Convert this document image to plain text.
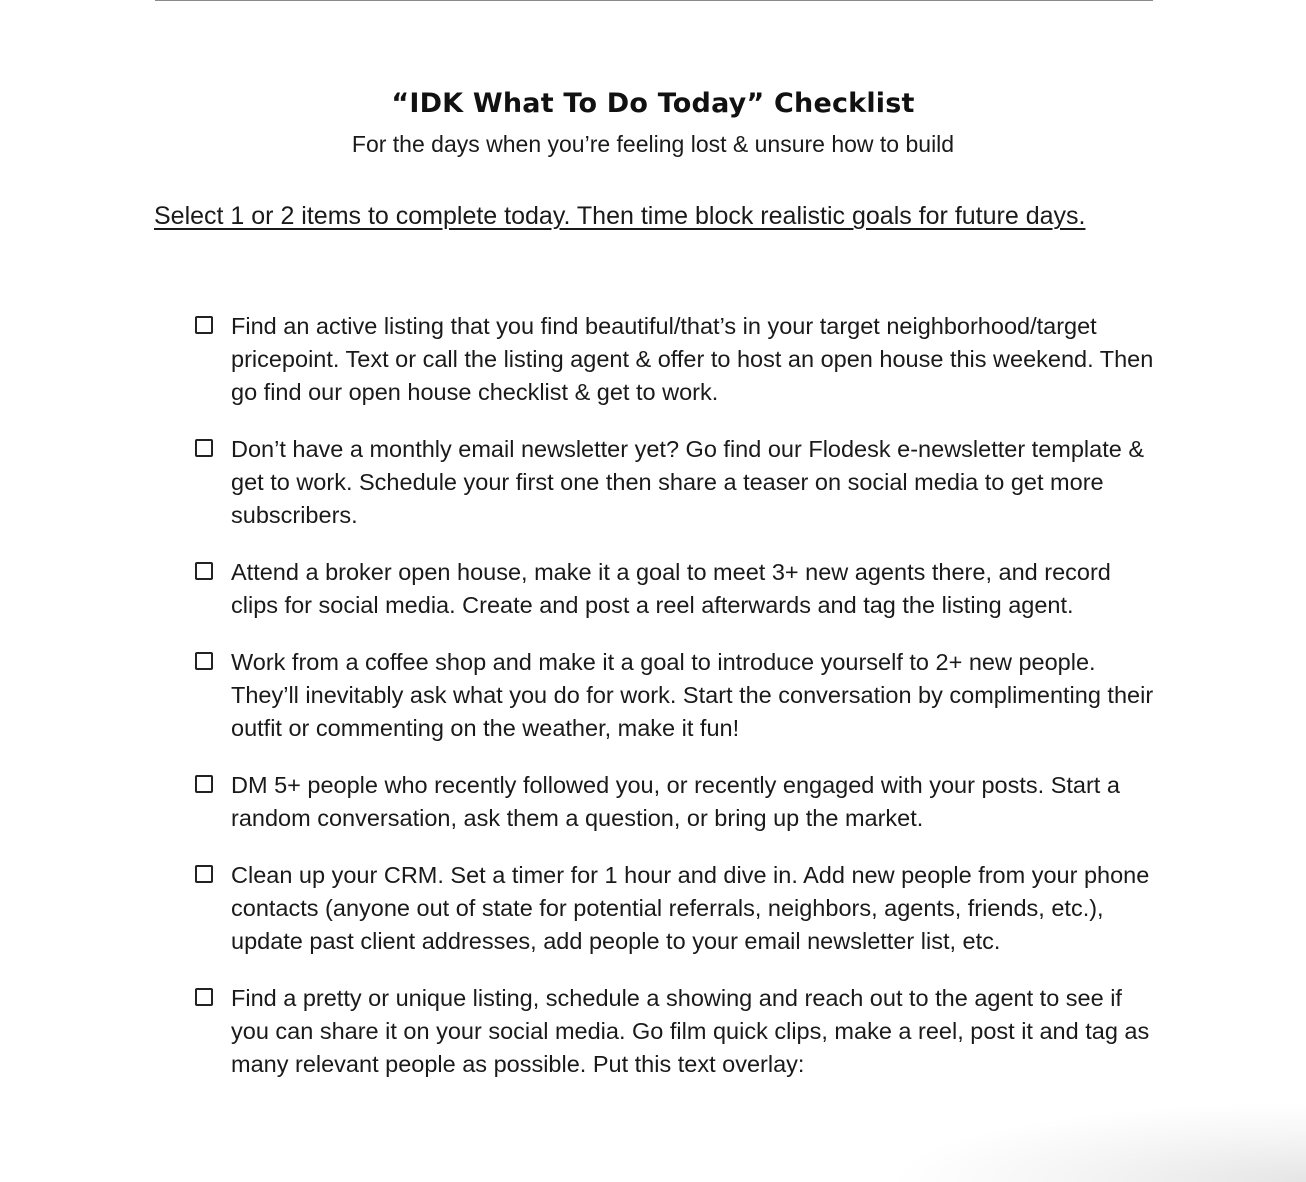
“IDK What To Do Today” Checklist

For the days when you’re feeling lost & unsure how to build

Select 1 or 2 items to complete today. Then time block realistic goals for future days.

Find an active listing that you find beautiful/that’s in your target neighborhood/target pricepoint. Text or call the listing agent & offer to host an open house this weekend. Then go find our open house checklist & get to work.
Don’t have a monthly email newsletter yet? Go find our Flodesk e-newsletter template & get to work. Schedule your first one then share a teaser on social media to get more subscribers.
Attend a broker open house, make it a goal to meet 3+ new agents there, and record clips for social media. Create and post a reel afterwards and tag the listing agent.
Work from a coffee shop and make it a goal to introduce yourself to 2+ new people. They’ll inevitably ask what you do for work. Start the conversation by complimenting their outfit or commenting on the weather, make it fun!
DM 5+ people who recently followed you, or recently engaged with your posts. Start a random conversation, ask them a question, or bring up the market.
Clean up your CRM. Set a timer for 1 hour and dive in. Add new people from your phone contacts (anyone out of state for potential referrals, neighbors, agents, friends, etc.), update past client addresses, add people to your email newsletter list, etc.
Find a pretty or unique listing, schedule a showing and reach out to the agent to see if you can share it on your social media. Go film quick clips, make a reel, post it and tag as many relevant people as possible. Put this text overlay:
